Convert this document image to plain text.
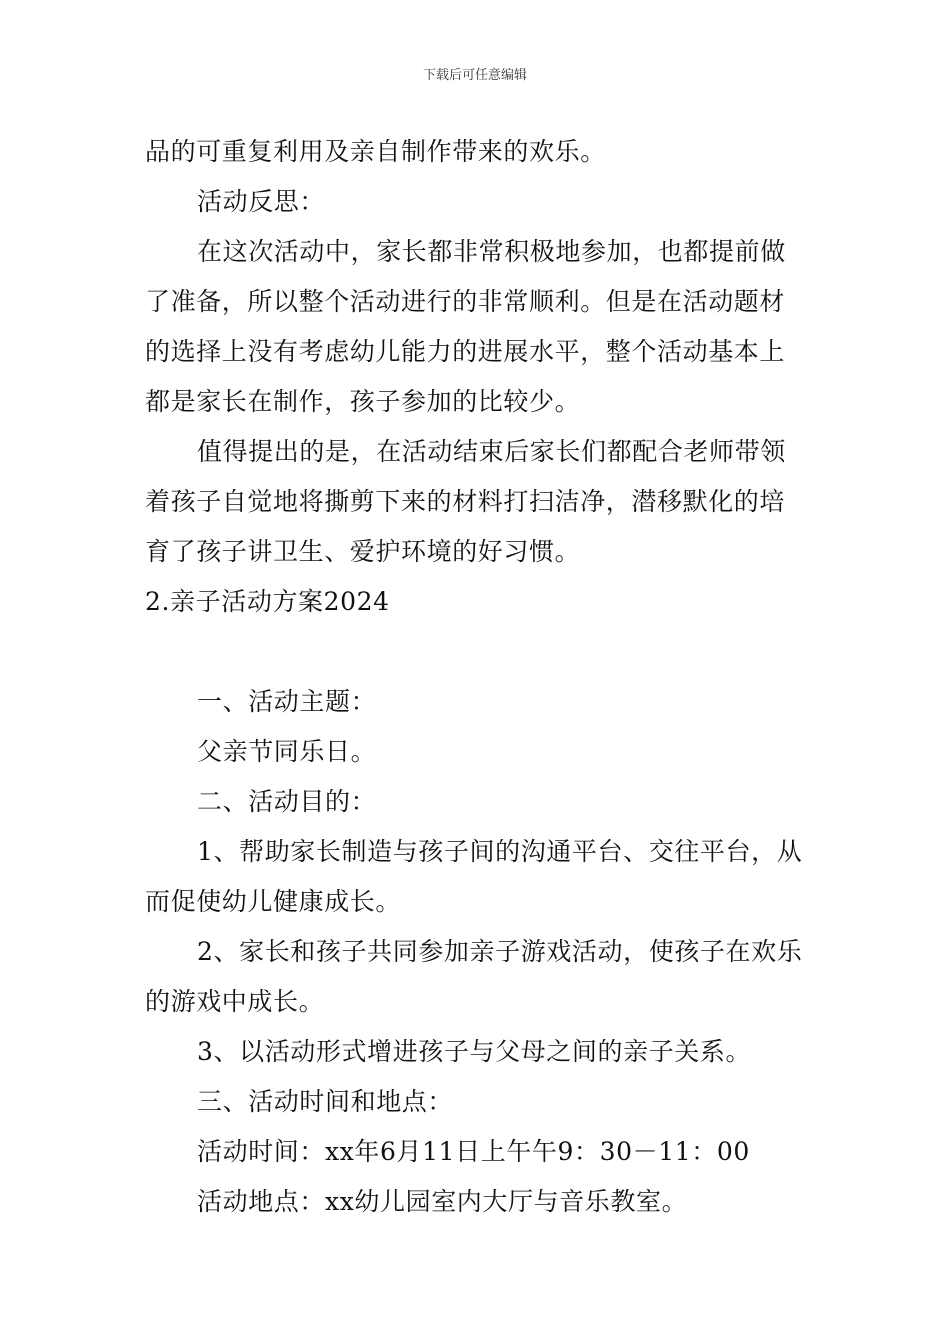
下载后可任意编辑
品的可重复利用及亲自制作带来的欢乐。
活动反思：
在这次活动中，家长都非常积极地参加，也都提前做
了准备，所以整个活动进行的非常顺利。但是在活动题材
的选择上没有考虑幼儿能力的进展水平，整个活动基本上
都是家长在制作，孩子参加的比较少。
值得提出的是，在活动结束后家长们都配合老师带领
着孩子自觉地将撕剪下来的材料打扫洁净，潜移默化的培
育了孩子讲卫生、爱护环境的好习惯。
2.亲子活动方案2024
一、活动主题：
父亲节同乐日。
二、活动目的：
1、帮助家长制造与孩子间的沟通平台、交往平台，从
而促使幼儿健康成长。
2、家长和孩子共同参加亲子游戏活动，使孩子在欢乐
的游戏中成长。
3、以活动形式增进孩子与父母之间的亲子关系。
三、活动时间和地点：
活动时间：xx年6月11日上午午9：30－11：00
活动地点：xx幼儿园室内大厅与音乐教室。
